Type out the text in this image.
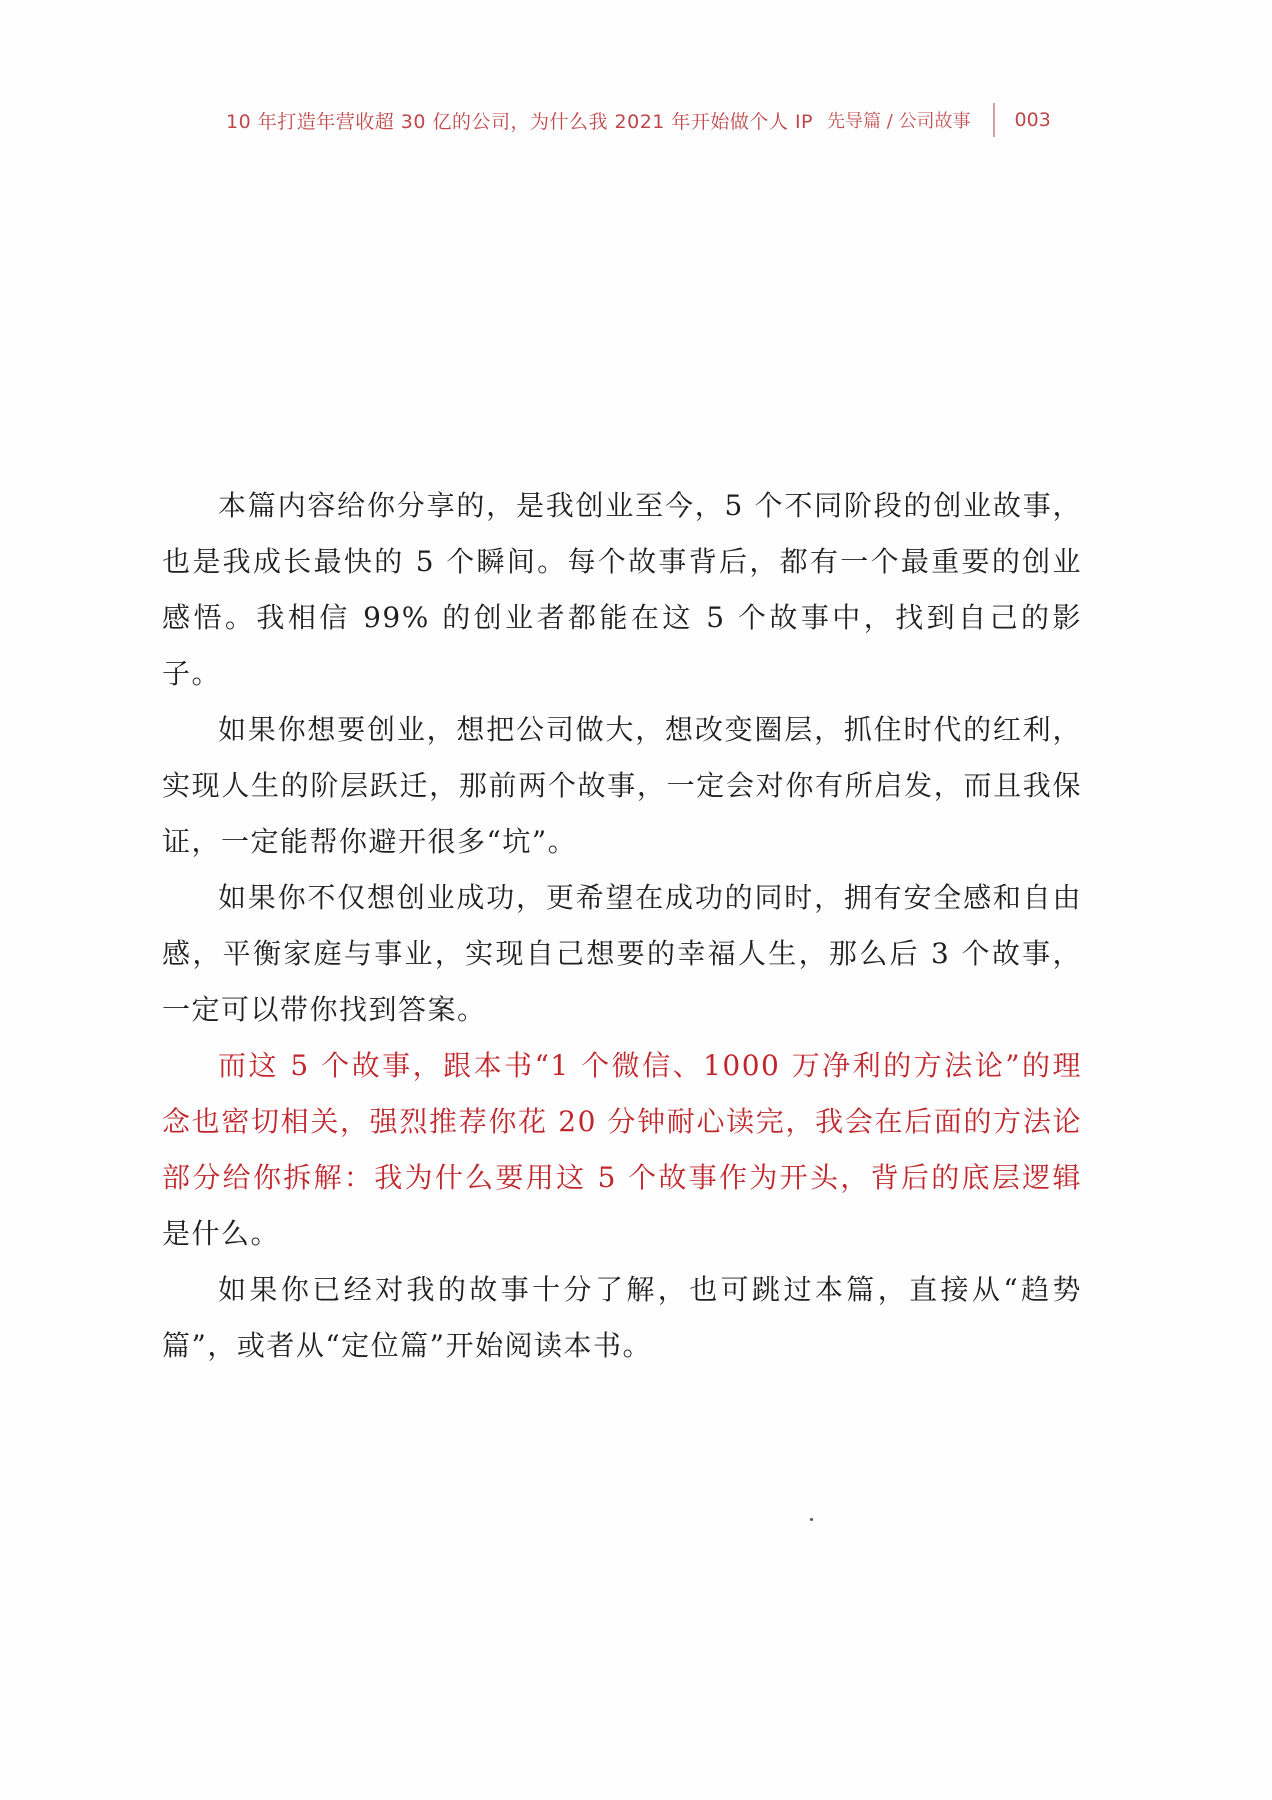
10 年打造年营收超 30 亿的公司，为什么我 2021 年开始做个人 IP 先导篇 / 公司故事 003

本篇内容给你分享的，是我创业至今，5 个不同阶段的创业故事，也是我成长最快的 5 个瞬间。每个故事背后，都有一个最重要的创业感悟。我相信 99% 的创业者都能在这 5 个故事中，找到自己的影子。

如果你想要创业，想把公司做大，想改变圈层，抓住时代的红利，实现人生的阶层跃迁，那前两个故事，一定会对你有所启发，而且我保证，一定能帮你避开很多“坑”。

如果你不仅想创业成功，更希望在成功的同时，拥有安全感和自由感，平衡家庭与事业，实现自己想要的幸福人生，那么后 3 个故事，一定可以带你找到答案。

而这 5 个故事，跟本书“1 个微信、1000 万净利的方法论”的理念也密切相关，强烈推荐你花 20 分钟耐心读完，我会在后面的方法论部分给你拆解：我为什么要用这 5 个故事作为开头，背后的底层逻辑是什么。

如果你已经对我的故事十分了解，也可跳过本篇，直接从“趋势篇”，或者从“定位篇”开始阅读本书。
